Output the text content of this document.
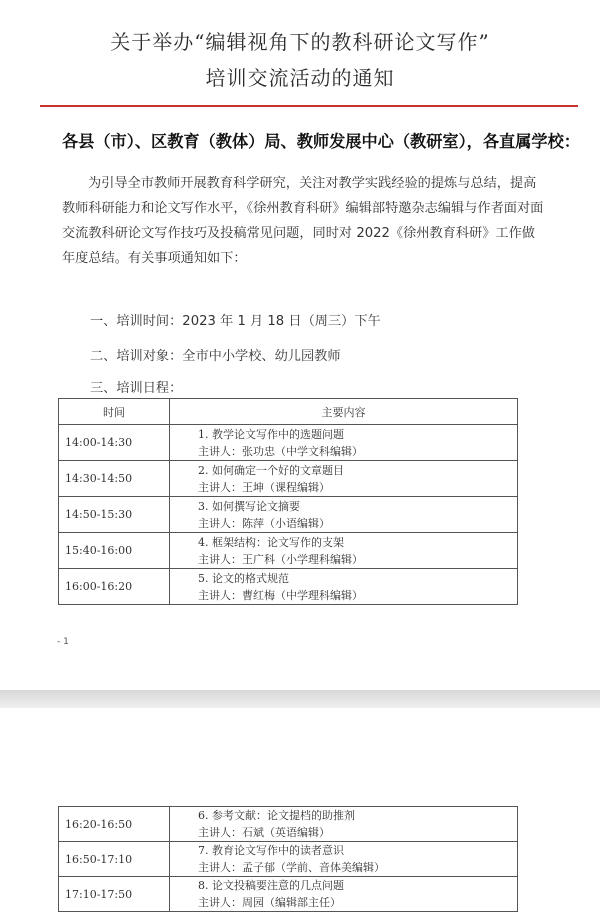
关于举办“编辑视角下的教科研论文写作”
培训交流活动的通知
各县（市）、区教育（教体）局、教师发展中心（教研室），各直属学校：
为引导全市教师开展教育科学研究，关注对教学实践经验的提炼与总结，提高
教师科研能力和论文写作水平，《徐州教育科研》编辑部特邀杂志编辑与作者面对面
交流教科研论文写作技巧及投稿常见问题，同时对 2022《徐州教育科研》工作做
年度总结。有关事项通知如下：
一、培训时间：2023 年 1 月 18 日（周三）下午
二、培训对象：全市中小学校、幼儿园教师
三、培训日程：
时间	主要内容
14:00-14:30	1. 教学论文写作中的选题问题
主讲人：张功忠（中学文科编辑）

14:30-14:50	2. 如何确定一个好的文章题目
主讲人：王坤（课程编辑）

14:50-15:30	3. 如何撰写论文摘要
主讲人：陈萍（小语编辑）

15:40-16:00	4. 框架结构：论文写作的支架
主讲人：王广科（小学理科编辑）

16:00-16:20	5. 论文的格式规范
主讲人：曹红梅（中学理科编辑）
- 1
16:20-16:50	6. 参考文献：论文提档的助推剂
主讲人：石斌（英语编辑）

16:50-17:10	7. 教育论文写作中的读者意识
主讲人：孟子郁（学前、音体美编辑）

17:10-17:50	8. 论文投稿要注意的几点问题
主讲人：周园（编辑部主任）
